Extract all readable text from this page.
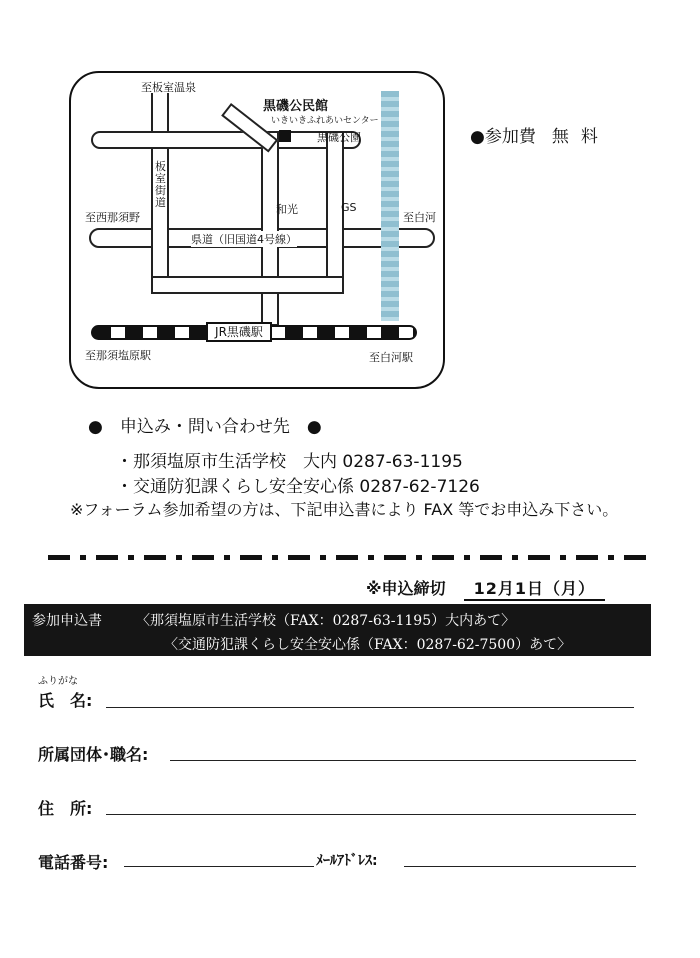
至板室温泉
黒磯公民館
いきいきふれあいセンター
黒磯公園
板室街道
至西那須野
和光	GS
至白河
県道（旧国道4号線）
JR黒磯駅
至那須塩原駅	至白河駅
●参加費 無料
●　申込み・問い合わせ先　●
・那須塩原市生活学校　大内 0287-63-1195
・交通防犯課くらし安全安心係 0287-62-7126
※フォーラム参加希望の方は、下記申込書により FAX 等でお申込み下さい。
※申込締切 12月1日（月）
参加申込書 〈那須塩原市生活学校（FAX：0287-63-1195）大内あて〉
〈交通防犯課くらし安全安心係（FAX：0287-62-7500）あて〉
ふりがな
氏　名:
所属団体･職名:
住　所:
電話番号:	ﾒｰﾙｱﾄﾞﾚｽ:
